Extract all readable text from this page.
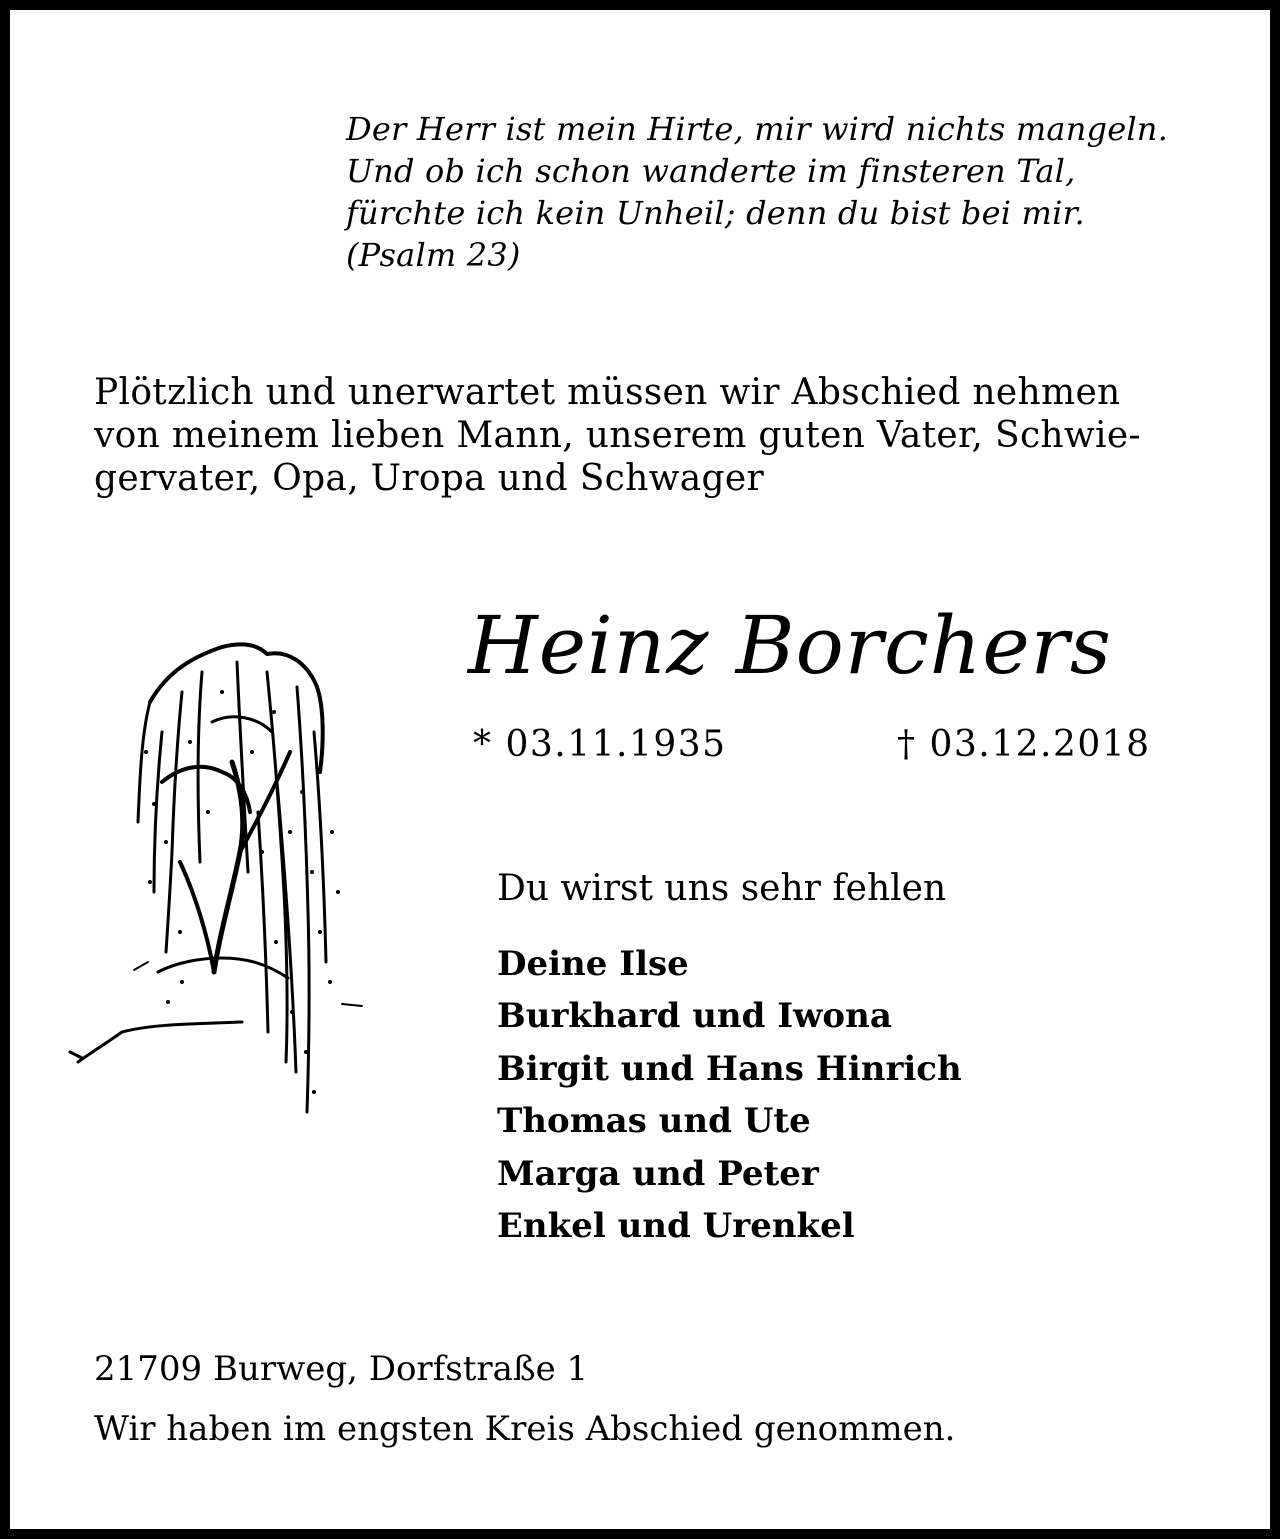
Der Herr ist mein Hirte, mir wird nichts mangeln.
Und ob ich schon wanderte im finsteren Tal,
fürchte ich kein Unheil; denn du bist bei mir.
(Psalm 23)
Plötzlich und unerwartet müssen wir Abschied nehmen
von meinem lieben Mann, unserem guten Vater, Schwie-
gervater, Opa, Uropa und Schwager
Heinz Borchers
* 03.11.1935	† 03.12.2018
Du wirst uns sehr fehlen
Deine Ilse
Burkhard und Iwona
Birgit und Hans Hinrich
Thomas und Ute
Marga und Peter
Enkel und Urenkel
21709 Burweg, Dorfstraße 1
Wir haben im engsten Kreis Abschied genommen.
